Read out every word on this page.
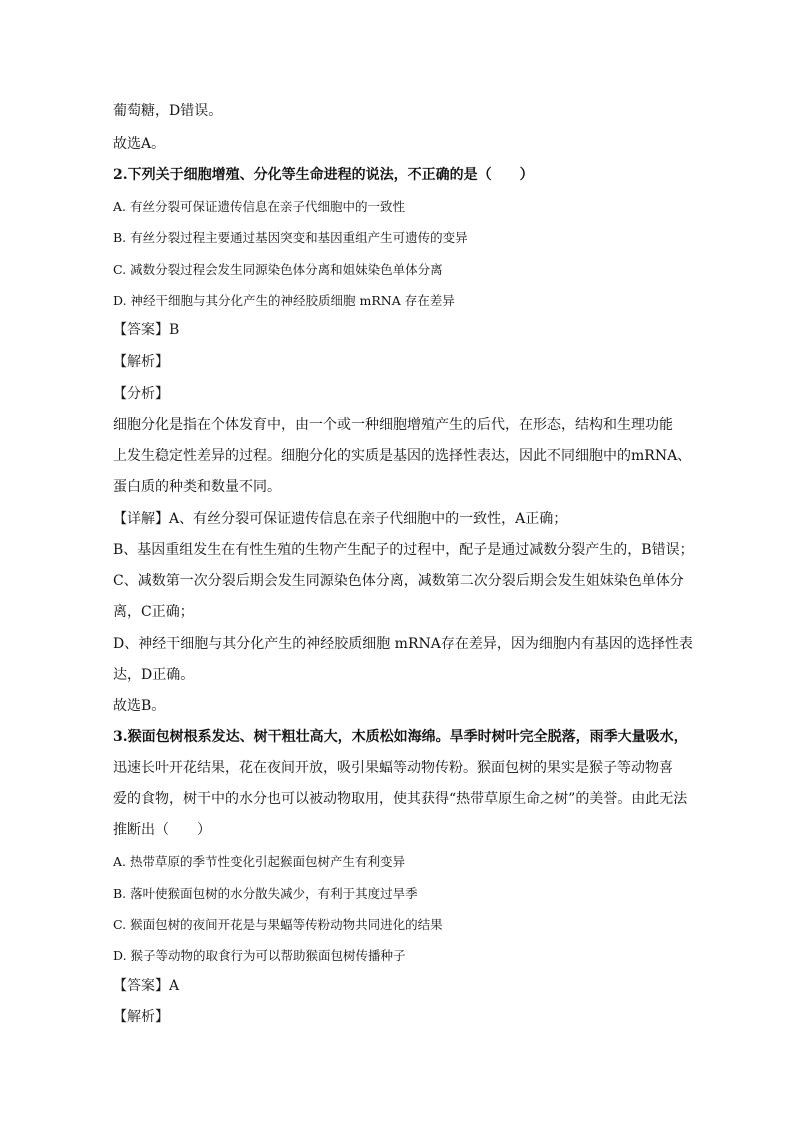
葡萄糖，D错误。
故选A。
2.下列关于细胞增殖、分化等生命进程的说法，不正确的是（　　）
A. 有丝分裂可保证遗传信息在亲子代细胞中的一致性
B. 有丝分裂过程主要通过基因突变和基因重组产生可遗传的变异
C. 减数分裂过程会发生同源染色体分离和姐妹染色单体分离
D. 神经干细胞与其分化产生的神经胶质细胞 mRNA 存在差异
【答案】B
【解析】
【分析】
细胞分化是指在个体发育中，由一个或一种细胞增殖产生的后代，在形态，结构和生理功能
上发生稳定性差异的过程。细胞分化的实质是基因的选择性表达，因此不同细胞中的mRNA、
蛋白质的种类和数量不同。
【详解】A、有丝分裂可保证遗传信息在亲子代细胞中的一致性，A正确；
B、基因重组发生在有性生殖的生物产生配子的过程中，配子是通过减数分裂产生的，B错误；
C、减数第一次分裂后期会发生同源染色体分离，减数第二次分裂后期会发生姐妹染色单体分
离，C正确；
D、神经干细胞与其分化产生的神经胶质细胞 mRNA存在差异，因为细胞内有基因的选择性表
达，D正确。
故选B。
3.猴面包树根系发达、树干粗壮高大，木质松如海绵。旱季时树叶完全脱落，雨季大量吸水，
迅速长叶开花结果，花在夜间开放，吸引果蝠等动物传粉。猴面包树的果实是猴子等动物喜
爱的食物，树干中的水分也可以被动物取用，使其获得“热带草原生命之树”的美誉。由此无法
推断出（　　）
A. 热带草原的季节性变化引起猴面包树产生有利变异
B. 落叶使猴面包树的水分散失减少，有利于其度过旱季
C. 猴面包树的夜间开花是与果蝠等传粉动物共同进化的结果
D. 猴子等动物的取食行为可以帮助猴面包树传播种子
【答案】A
【解析】
